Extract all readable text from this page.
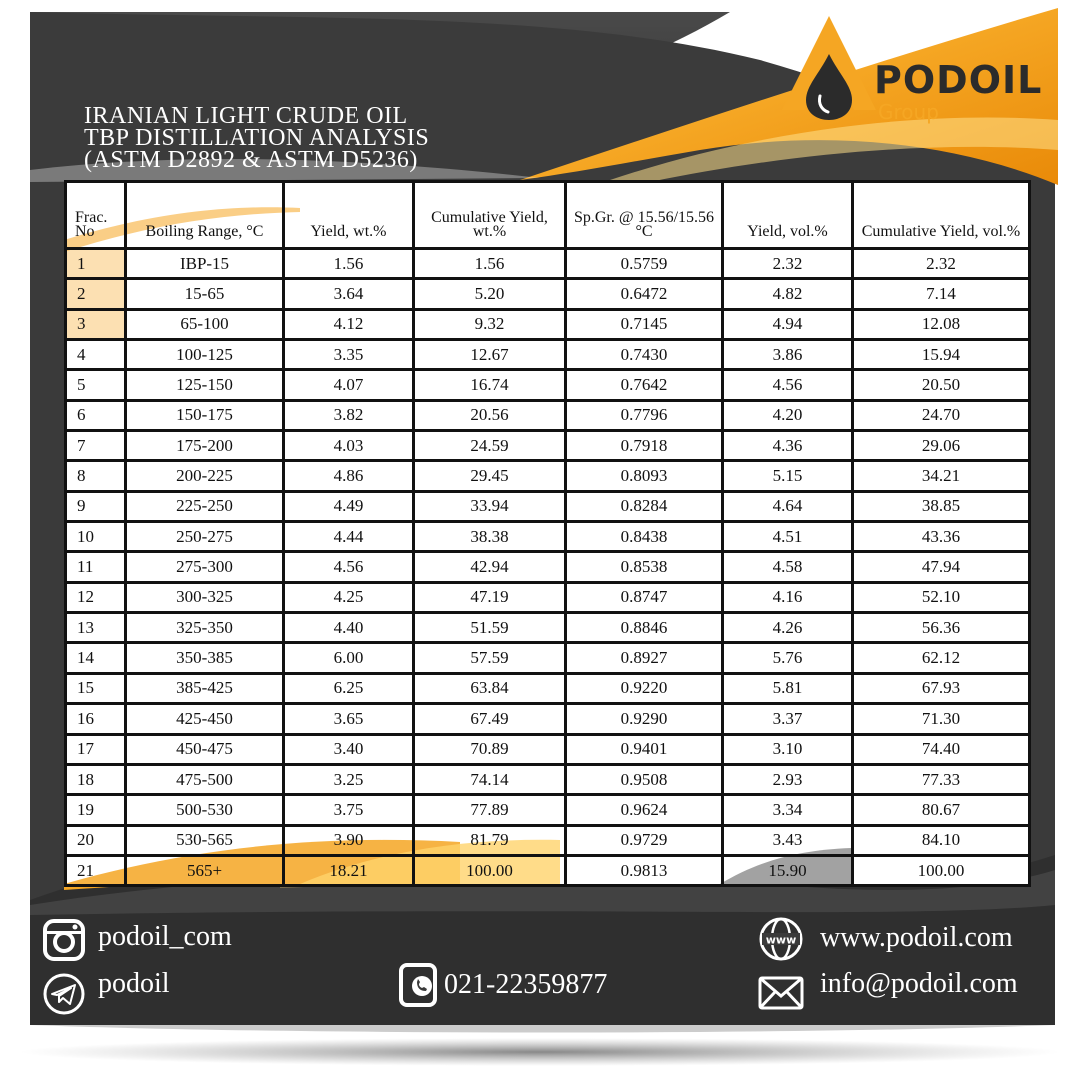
PODOIL
Group
IRANIAN LIGHT CRUDE OIL
TBP DISTILLATION ANALYSIS
(ASTM D2892 & ASTM D5236)
Frac. No	Boiling Range, °C	Yield, wt.%	Cumulative Yield, wt.%	Sp.Gr. @ 15.56/15.56 °C	Yield, vol.%	Cumulative Yield, vol.%
1	IBP-15	1.56	1.56	0.5759	2.32	2.32
2	15-65	3.64	5.20	0.6472	4.82	7.14
3	65-100	4.12	9.32	0.7145	4.94	12.08
4	100-125	3.35	12.67	0.7430	3.86	15.94
5	125-150	4.07	16.74	0.7642	4.56	20.50
6	150-175	3.82	20.56	0.7796	4.20	24.70
7	175-200	4.03	24.59	0.7918	4.36	29.06
8	200-225	4.86	29.45	0.8093	5.15	34.21
9	225-250	4.49	33.94	0.8284	4.64	38.85
10	250-275	4.44	38.38	0.8438	4.51	43.36
11	275-300	4.56	42.94	0.8538	4.58	47.94
12	300-325	4.25	47.19	0.8747	4.16	52.10
13	325-350	4.40	51.59	0.8846	4.26	56.36
14	350-385	6.00	57.59	0.8927	5.76	62.12
15	385-425	6.25	63.84	0.9220	5.81	67.93
16	425-450	3.65	67.49	0.9290	3.37	71.30
17	450-475	3.40	70.89	0.9401	3.10	74.40
18	475-500	3.25	74.14	0.9508	2.93	77.33
19	500-530	3.75	77.89	0.9624	3.34	80.67
20	530-565	3.90	81.79	0.9729	3.43	84.10
21	565+	18.21	100.00	0.9813	15.90	100.00
podoil_com
podoil	021-22359877
www www.podoil.com
info@podoil.com
